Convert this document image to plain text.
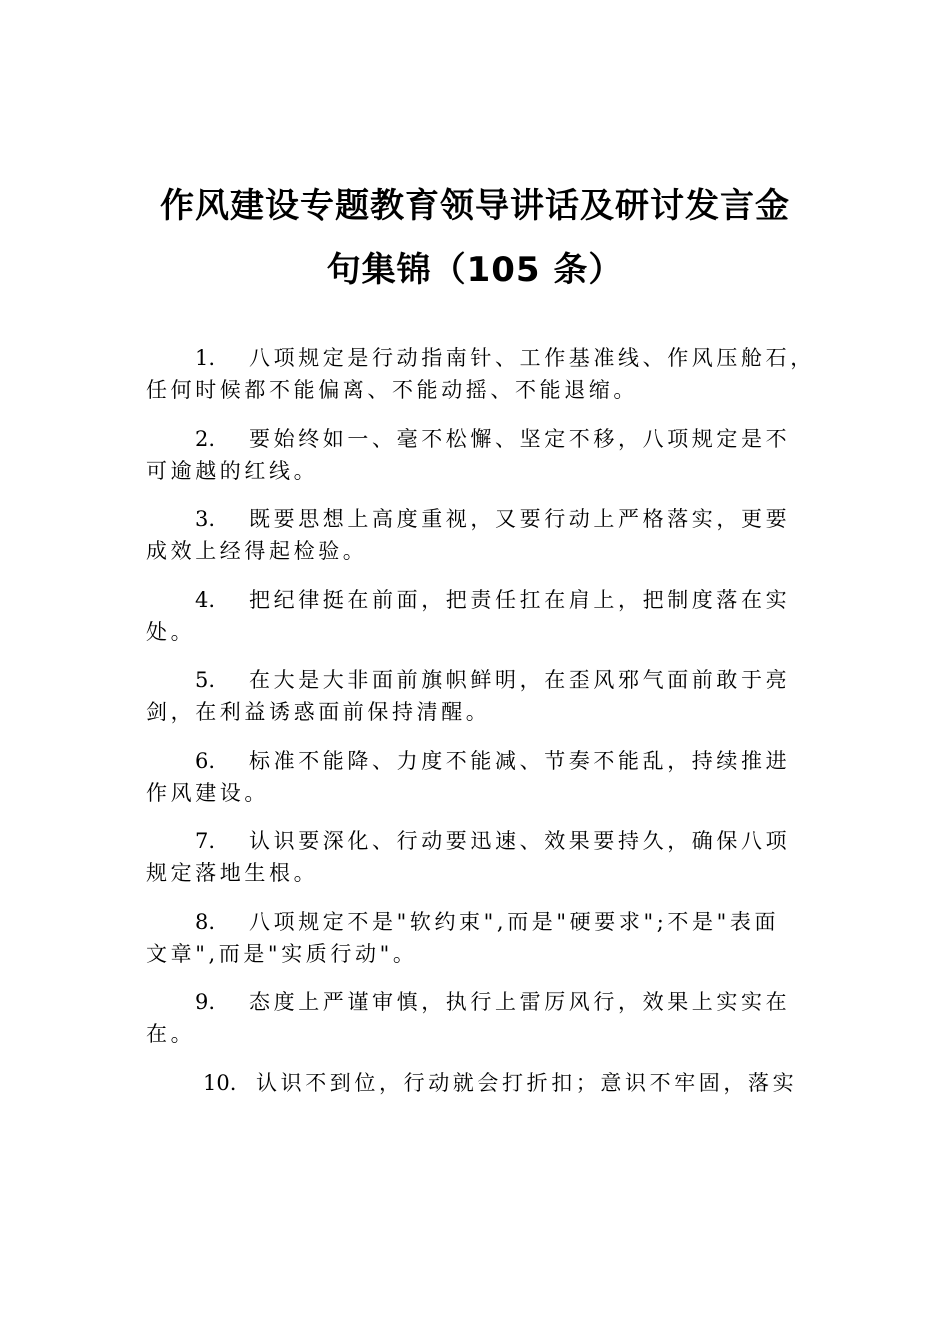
作风建设专题教育领导讲话及研讨发言金
句集锦（105 条）
1. 八项规定是行动指南针、工作基准线、作风压舱石，
任何时候都不能偏离、不能动摇、不能退缩。
2. 要始终如一、毫不松懈、坚定不移，八项规定是不
可逾越的红线。
3. 既要思想上高度重视，又要行动上严格落实，更要
成效上经得起检验。
4. 把纪律挺在前面，把责任扛在肩上，把制度落在实
处。
5. 在大是大非面前旗帜鲜明，在歪风邪气面前敢于亮
剑，在利益诱惑面前保持清醒。
6. 标准不能降、力度不能减、节奏不能乱，持续推进
作风建设。
7. 认识要深化、行动要迅速、效果要持久，确保八项
规定落地生根。
8. 八项规定不是"软约束",而是"硬要求";不是"表面
文章",而是"实质行动"。
9. 态度上严谨审慎，执行上雷厉风行，效果上实实在
在。
10. 认识不到位，行动就会打折扣；意识不牢固，落实
